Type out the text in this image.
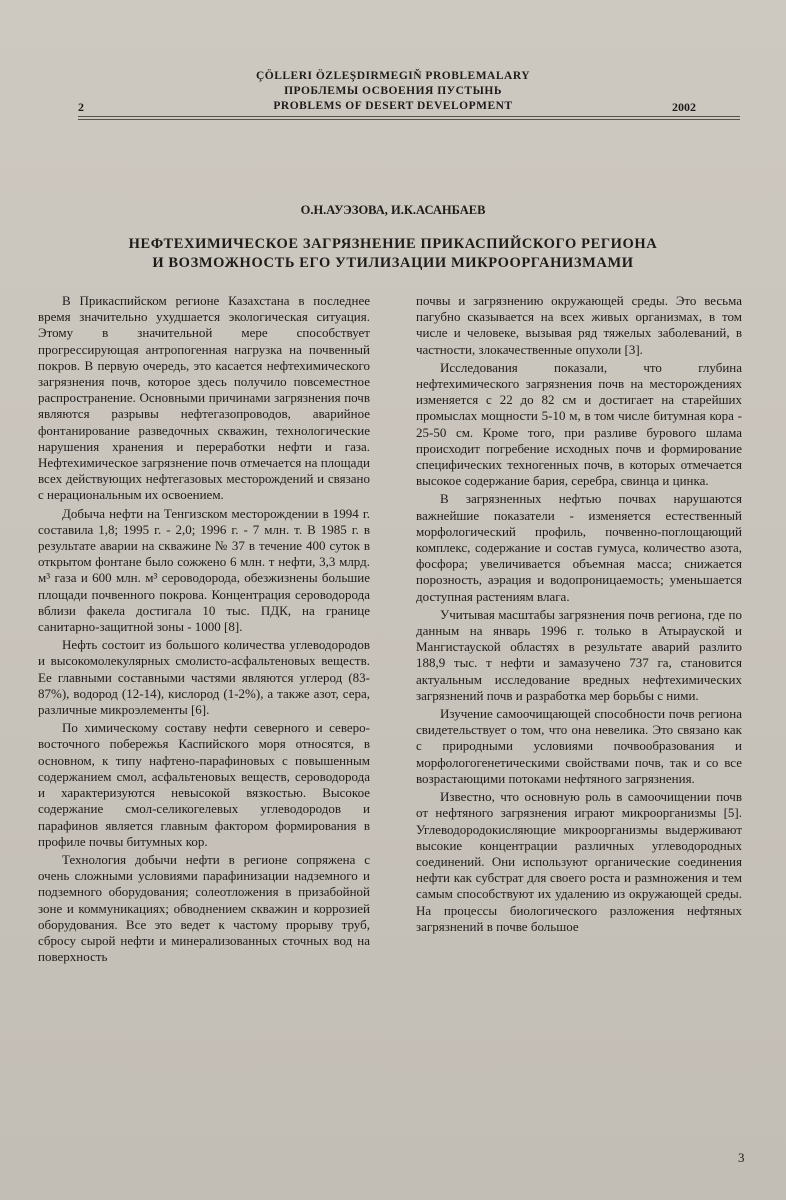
ÇÖLLERI ÖZLEŞDIRMEGIŇ PROBLEMALARY
ПРОБЛЕМЫ ОСВОЕНИЯ ПУСТЫНЬ
2	PROBLEMS OF DESERT DEVELOPMENT	2002
О.Н.АУЭЗОВА, И.К.АСАНБАЕВ
НЕФТЕХИМИЧЕСКОЕ ЗАГРЯЗНЕНИЕ ПРИКАСПИЙСКОГО РЕГИОНА
И ВОЗМОЖНОСТЬ ЕГО УТИЛИЗАЦИИ МИКРООРГАНИЗМАМИ

В Прикаспийском регионе Казахстана в последнее время значительно ухудшается экологическая ситуация. Этому в значительной мере способствует прогрессирующая антропогенная нагрузка на почвенный покров. В первую очередь, это касается нефтехимического загрязнения почв, которое здесь получило повсеместное распространение. Основными причинами загрязнения почв являются разрывы нефтегазопроводов, аварийное фонтанирование разведочных скважин, технологические нарушения хранения и переработки нефти и газа. Нефтехимическое загрязнение почв отмечается на площади всех действующих нефтегазовых месторождений и связано с нерациональным их освоением.

Добыча нефти на Тенгизском месторождении в 1994 г. составила 1,8; 1995 г. - 2,0; 1996 г. - 7 млн. т. В 1985 г. в результате аварии на скважине № 37 в течение 400 суток в открытом фонтане было сожжено 6 млн. т нефти, 3,3 млрд. м³ газа и 600 млн. м³ сероводорода, обезжизнены большие площади почвенного покрова. Концентрация сероводорода вблизи факела достигала 10 тыс. ПДК, на границе санитарно-защитной зоны - 1000 [8].

Нефть состоит из большого количества углеводородов и высокомолекулярных смолисто-асфальтеновых веществ. Ее главными составными частями являются углерод (83-87%), водород (12-14), кислород (1-2%), а также азот, сера, различные микроэлементы [6].

По химическому составу нефти северного и северо-восточного побережья Каспийского моря относятся, в основном, к типу нафтено-парафиновых с повышенным содержанием смол, асфальтеновых веществ, сероводорода и характеризуются невысокой вязкостью. Высокое содержание смол-селикогелевых углеводородов и парафинов является главным фактором формирования в профиле почвы битумных кор.

Технология добычи нефти в регионе сопряжена с очень сложными условиями парафинизации надземного и подземного оборудования; солеотложения в призабойной зоне и коммуникациях; обводнением скважин и коррозией оборудования. Все это ведет к частому прорыву труб, сбросу сырой нефти и минерализованных сточных вод на поверхность

почвы и загрязнению окружающей среды. Это весьма пагубно сказывается на всех живых организмах, в том числе и человеке, вызывая ряд тяжелых заболеваний, в частности, злокачественные опухоли [3].

Исследования показали, что глубина нефтехимического загрязнения почв на месторождениях изменяется с 22 до 82 см и достигает на старейших промыслах мощности 5-10 м, в том числе битумная кора - 25-50 см. Кроме того, при разливе бурового шлама происходит погребение исходных почв и формирование специфических техногенных почв, в которых отмечается высокое содержание бария, серебра, свинца и цинка.

В загрязненных нефтью почвах нарушаются важнейшие показатели - изменяется естественный морфологический профиль, почвенно-поглощающий комплекс, содержание и состав гумуса, количество азота, фосфора; увеличивается объемная масса; снижается порозность, аэрация и водопроницаемость; уменьшается доступная растениям влага.

Учитывая масштабы загрязнения почв региона, где по данным на январь 1996 г. только в Атырауской и Мангистауской областях в результате аварий разлито 188,9 тыс. т нефти и замазучено 737 га, становится актуальным исследование вредных нефтехимических загрязнений почв и разработка мер борьбы с ними.

Изучение самоочищающей способности почв региона свидетельствует о том, что она невелика. Это связано как с природными условиями почвообразования и морфологогенетическими свойствами почв, так и со все возрастающими потоками нефтяного загрязнения.

Известно, что основную роль в самоочищении почв от нефтяного загрязнения играют микроорганизмы [5]. Углеводородокисляющие микроорганизмы выдерживают высокие концентрации различных углеводородных соединений. Они используют органические соединения нефти как субстрат для своего роста и размножения и тем самым способствуют их удалению из окружающей среды. На процессы биологического разложения нефтяных загрязнений в почве большое

3
